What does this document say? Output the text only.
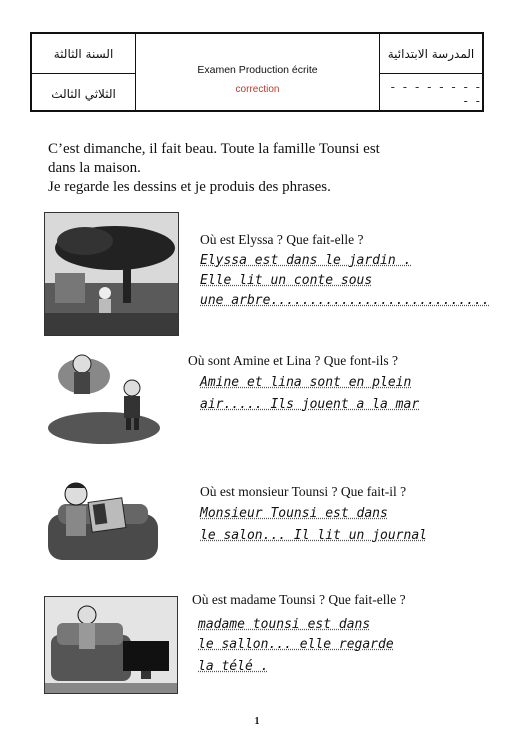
السنة الثالثة
الثلاثي الثالث
Examen Production écrite
correction
المدرسة الابتدائية
- - - - - - - - - -

C’est dimanche, il fait beau. Toute la famille Tounsi est

dans la maison.

Je regarde les dessins et je produis des phrases.

Où est Elyssa ? Que fait-elle ?
Elyssa est dans le jardin .
Elle lit un conte sous
une arbre............................
Où sont Amine et Lina ? Que font-ils ?
Amine et lina sont en plein
air..... Ils jouent a la mar
Où est monsieur Tounsi ? Que fait-il ?
Monsieur Tounsi est dans
le salon... Il lit un journal
Où est madame Tounsi ? Que fait-elle ?
madame tounsi est dans
le sallon... elle regarde
la télé .
1
